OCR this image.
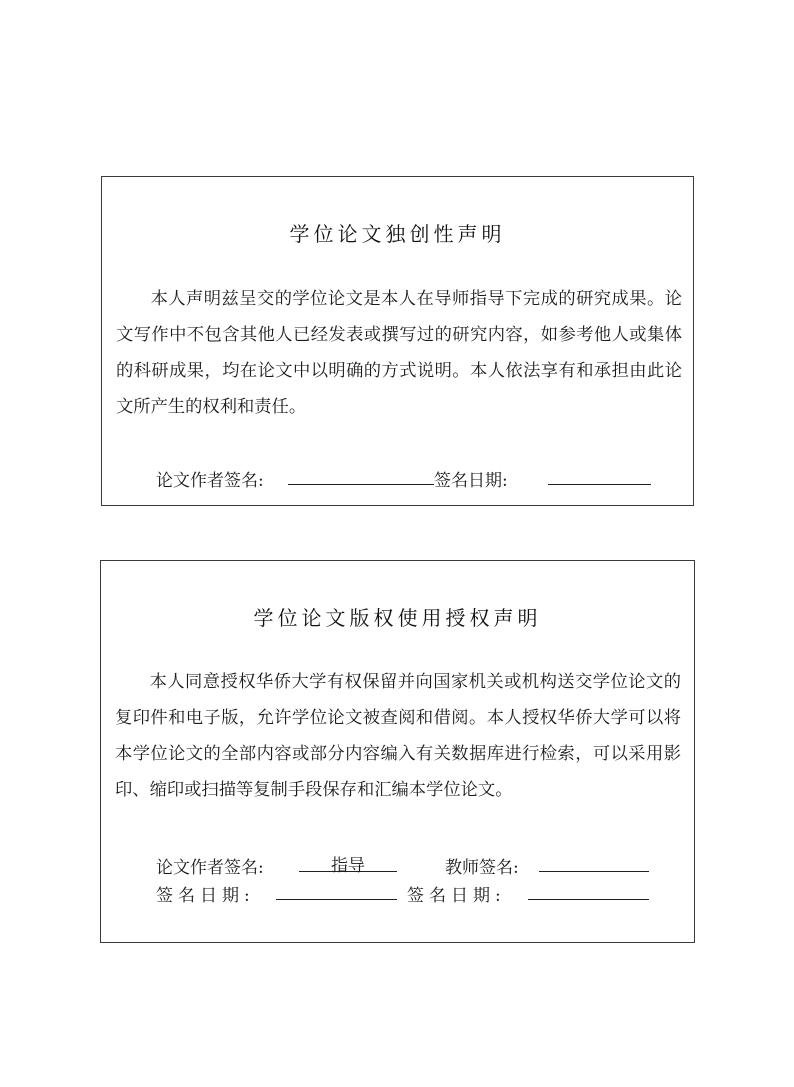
学位论文独创性声明
本人声明兹呈交的学位论文是本人在导师指导下完成的研究成果。论文写作中不包含其他人已经发表或撰写过的研究内容，如参考他人或集体的科研成果，均在论文中以明确的方式说明。本人依法享有和承担由此论文所产生的权利和责任。
论文作者签名:	签名日期:
学位论文版权使用授权声明
本人同意授权华侨大学有权保留并向国家机关或机构送交学位论文的复印件和电子版，允许学位论文被查阅和借阅。本人授权华侨大学可以将本学位论文的全部内容或部分内容编入有关数据库进行检索，可以采用影印、缩印或扫描等复制手段保存和汇编本学位论文。
论文作者签名:	指导	教师签名:
签名日期:	签名日期:
